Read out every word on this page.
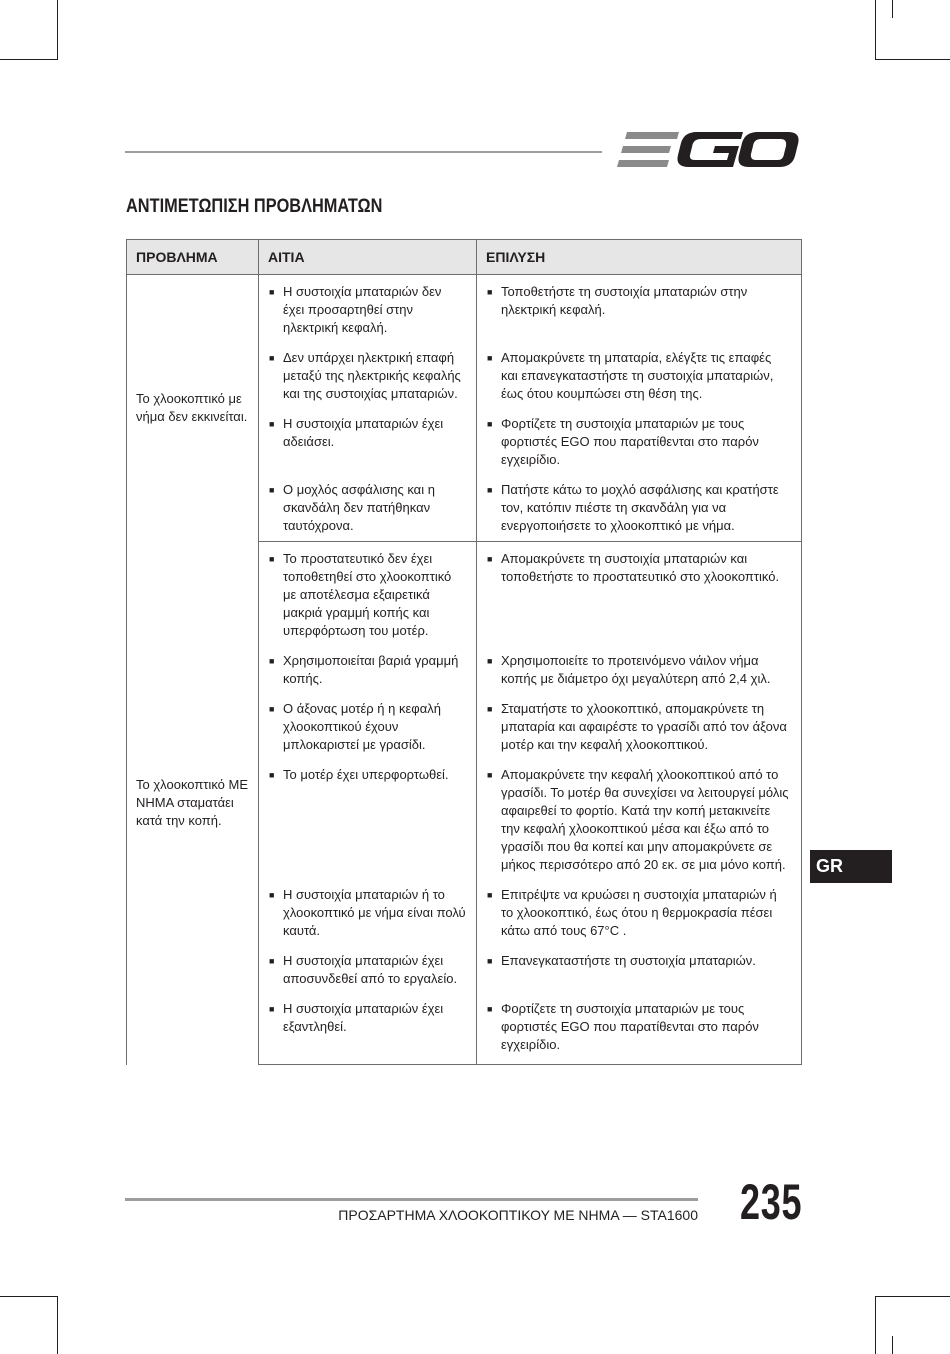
ΑΝΤΙΜΕΤΩΠΙΣΗ ΠΡΟΒΛΗΜΑΤΩΝ
ΠΡΟΒΛΗΜΑ	ΑΙΤΙΑ	ΕΠΙΛΥΣΗ
Το χλοοκοπτικό με νήμα δεν εκκινείται.	■ Η συστοιχία μπαταριών δεν έχει προσαρτηθεί στην ηλεκτρική κεφαλή.	■ Τοποθετήστε τη συστοιχία μπαταριών στην ηλεκτρική κεφαλή.

	■ Δεν υπάρχει ηλεκτρική επαφή μεταξύ της ηλεκτρικής κεφαλής και της συστοιχίας μπαταριών.	■ Απομακρύνετε τη μπαταρία, ελέγξτε τις επαφές και επανεγκαταστήστε τη συστοιχία μπαταριών, έως ότου κουμπώσει στη θέση της.

	■ Η συστοιχία μπαταριών έχει αδειάσει.	■ Φορτίζετε τη συστοιχία μπαταριών με τους φορτιστές EGO που παρατίθενται στο παρόν εγχειρίδιο.

	■ Ο μοχλός ασφάλισης και η σκανδάλη δεν πατήθηκαν ταυτόχρονα.	■ Πατήστε κάτω το μοχλό ασφάλισης και κρατήστε τον, κατόπιν πιέστε τη σκανδάλη για να ενεργοποιήσετε το χλοοκοπτικό με νήμα.

Το χλοοκοπτικό ΜΕ ΝΗΜΑ σταματάει κατά την κοπή.	■ Το προστατευτικό δεν έχει τοποθετηθεί στο χλοοκοπτικό με αποτέλεσμα εξαιρετικά μακριά γραμμή κοπής και υπερφόρτωση του μοτέρ.	■ Απομακρύνετε τη συστοιχία μπαταριών και τοποθετήστε το προστατευτικό στο χλοοκοπτικό.

	■ Χρησιμοποιείται βαριά γραμμή κοπής.	■ Χρησιμοποιείτε το προτεινόμενο νάιλον νήμα κοπής με διάμετρο όχι μεγαλύτερη από 2,4 χιλ.

	■ Ο άξονας μοτέρ ή η κεφαλή χλοοκοπτικού έχουν μπλοκαριστεί με γρασίδι.	■ Σταματήστε το χλοοκοπτικό, απομακρύνετε τη μπαταρία και αφαιρέστε το γρασίδι από τον άξονα μοτέρ και την κεφαλή χλοοκοπτικού.

	■ Το μοτέρ έχει υπερφορτωθεί.	■ Απομακρύνετε την κεφαλή χλοοκοπτικού από το γρασίδι. Το μοτέρ θα συνεχίσει να λειτουργεί μόλις αφαιρεθεί το φορτίο. Κατά την κοπή μετακινείτε την κεφαλή χλοοκοπτικού μέσα και έξω από το γρασίδι που θα κοπεί και μην απομακρύνετε σε μήκος περισσότερο από 20 εκ. σε μια μόνο κοπή.

	■ Η συστοιχία μπαταριών ή το χλοοκοπτικό με νήμα είναι πολύ καυτά.	■ Επιτρέψτε να κρυώσει η συστοιχία μπαταριών ή το χλοοκοπτικό, έως ότου η θερμοκρασία πέσει κάτω από τους 67°C .

	■ Η συστοιχία μπαταριών έχει αποσυνδεθεί από το εργαλείο.	■ Επανεγκαταστήστε τη συστοιχία μπαταριών.

	■ Η συστοιχία μπαταριών έχει εξαντληθεί.	■ Φορτίζετε τη συστοιχία μπαταριών με τους φορτιστές EGO που παρατίθενται στο παρόν εγχειρίδιο.
GR
ΠΡΟΣΑΡΤΗΜΑ ΧΛΟΟΚΟΠΤΙΚΟΥ ΜΕ ΝΗΜΑ — STA1600 235
